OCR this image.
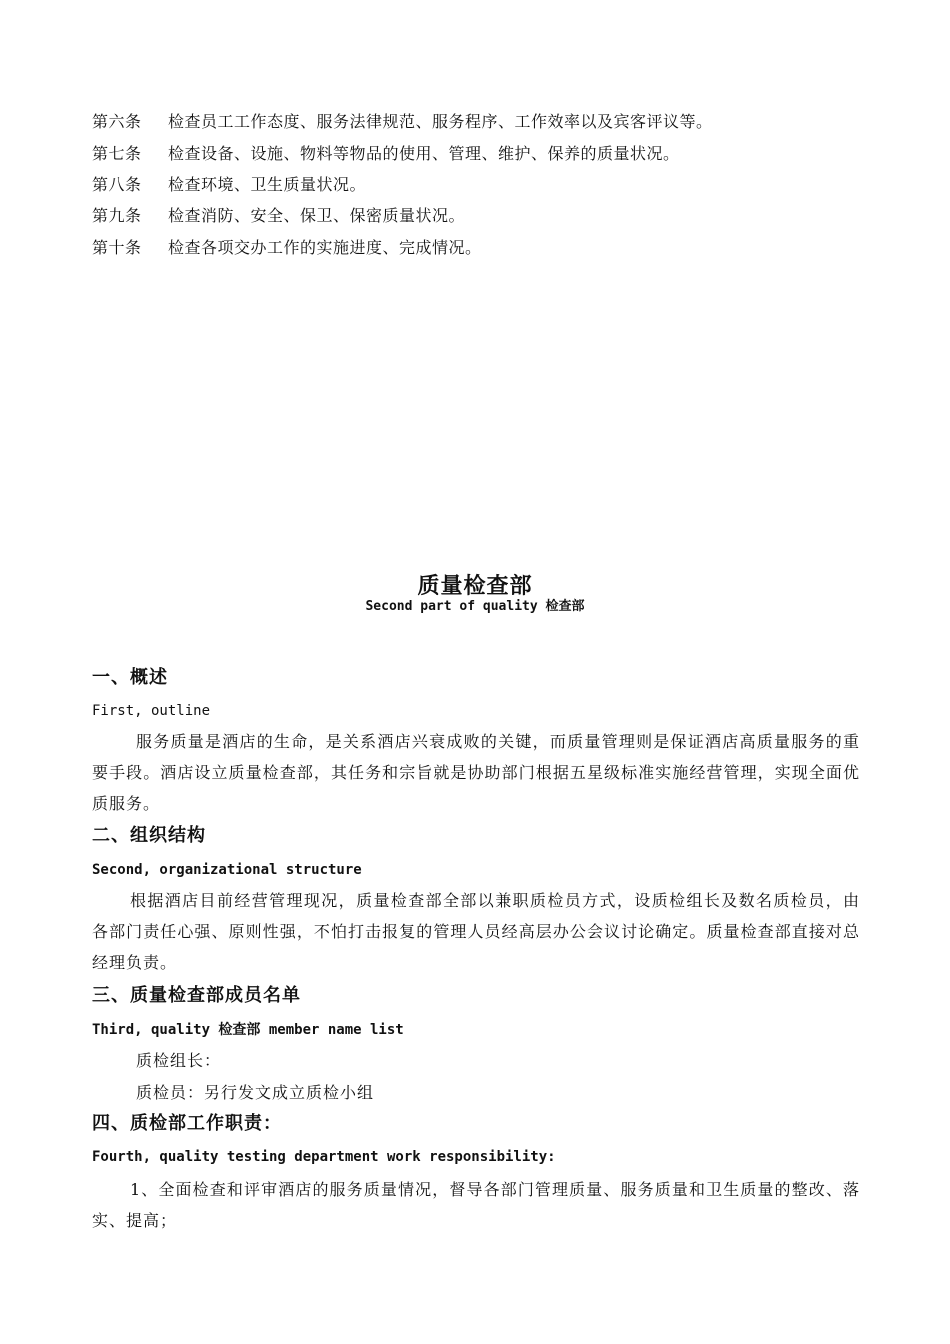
第六条 检查员工工作态度、服务法律规范、服务程序、工作效率以及宾客评议等。
第七条 检查设备、设施、物料等物品的使用、管理、维护、保养的质量状况。
第八条 检查环境、卫生质量状况。
第九条 检查消防、安全、保卫、保密质量状况。
第十条 检查各项交办工作的实施进度、完成情况。
质量检查部
Second part of quality 检查部
一、概述
First, outline
服务质量是酒店的生命，是关系酒店兴衰成败的关键，而质量管理则是保证酒店高质量服务的重要手段。酒店设立质量检查部，其任务和宗旨就是协助部门根据五星级标准实施经营管理，实现全面优质服务。
二、组织结构
Second, organizational structure
根据酒店目前经营管理现况，质量检查部全部以兼职质检员方式，设质检组长及数名质检员，由各部门责任心强、原则性强，不怕打击报复的管理人员经高层办公会议讨论确定。质量检查部直接对总经理负责。
三、质量检查部成员名单
Third, quality 检查部 member name list
质检组长：
质检员：另行发文成立质检小组
四、质检部工作职责：
Fourth, quality testing department work responsibility:
1、全面检查和评审酒店的服务质量情况，督导各部门管理质量、服务质量和卫生质量的整改、落实、提高；
